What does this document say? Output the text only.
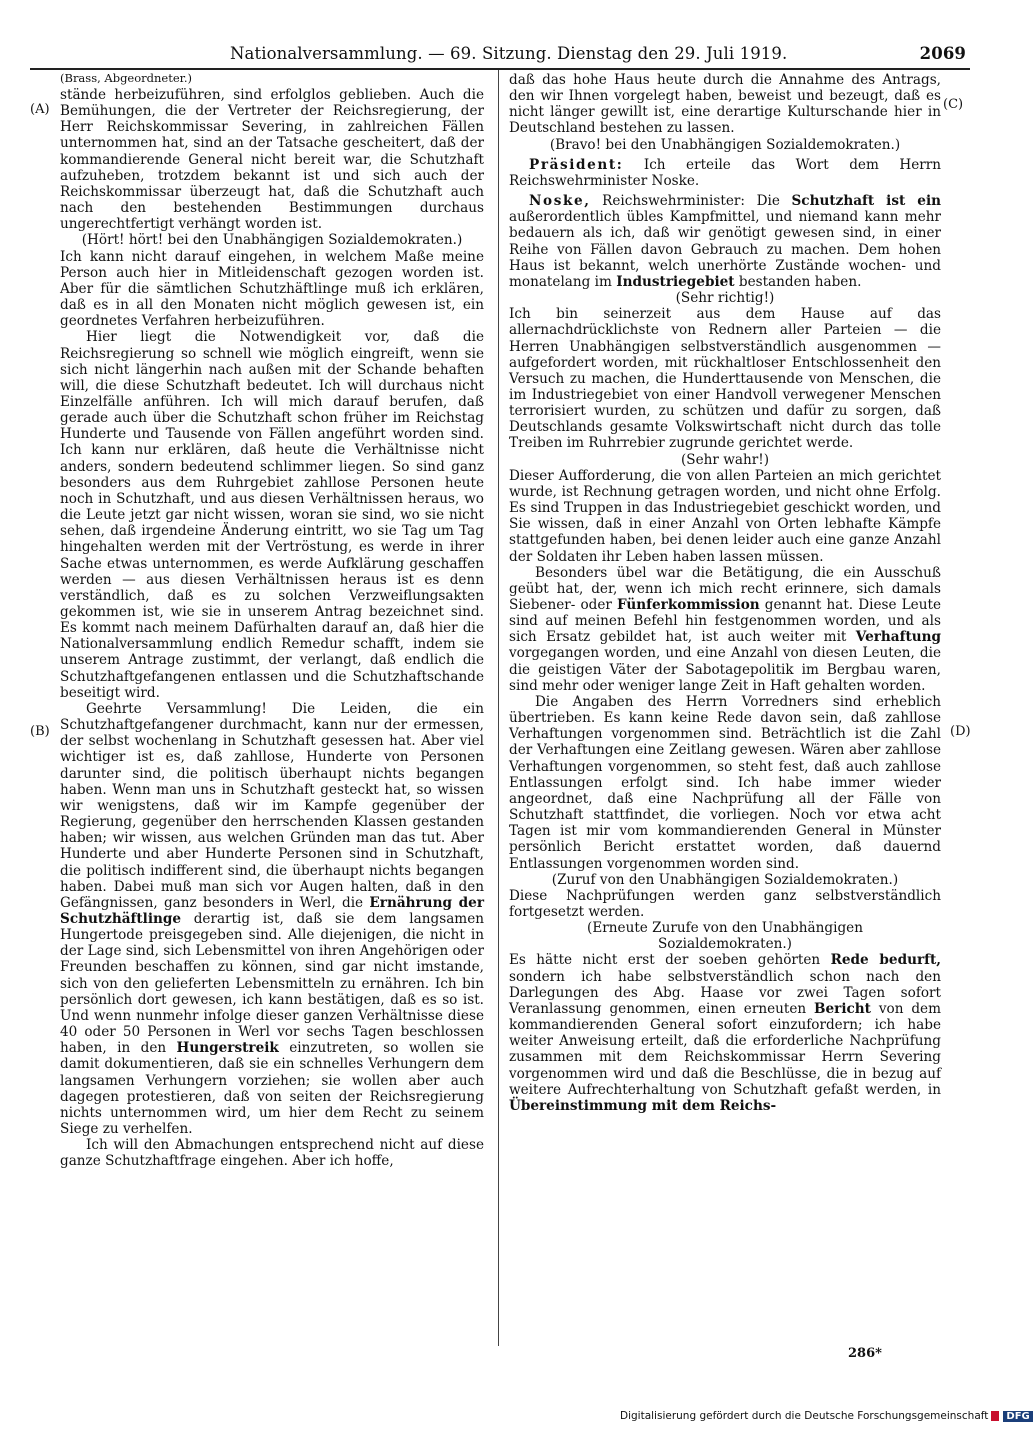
Nationalversammlung. — 69. Sitzung. Dienstag den 29. Juli 1919.	2069
(A)
(B)
(C)
(D)

(Brass, Abgeordneter.)

stände herbeizuführen, sind erfolglos geblieben. Auch die Bemühungen, die der Vertreter der Reichsregierung, der Herr Reichskommissar Severing, in zahlreichen Fällen unternommen hat, sind an der Tatsache gescheitert, daß der kommandierende General nicht bereit war, die Schutzhaft aufzuheben, trotzdem bekannt ist und sich auch der Reichskommissar überzeugt hat, daß die Schutzhaft auch nach den bestehenden Bestimmungen durchaus ungerechtfertigt verhängt worden ist.

(Hört! hört! bei den Unabhängigen Sozialdemokraten.)

Ich kann nicht darauf eingehen, in welchem Maße meine Person auch hier in Mitleidenschaft gezogen worden ist. Aber für die sämtlichen Schutzhäftlinge muß ich erklären, daß es in all den Monaten nicht möglich gewesen ist, ein geordnetes Verfahren herbeizuführen.

Hier liegt die Notwendigkeit vor, daß die Reichsregierung so schnell wie möglich eingreift, wenn sie sich nicht längerhin nach außen mit der Schande behaften will, die diese Schutzhaft bedeutet. Ich will durchaus nicht Einzelfälle anführen. Ich will mich darauf berufen, daß gerade auch über die Schutzhaft schon früher im Reichstag Hunderte und Tausende von Fällen angeführt worden sind. Ich kann nur erklären, daß heute die Verhältnisse nicht anders, sondern bedeutend schlimmer liegen. So sind ganz besonders aus dem Ruhrgebiet zahllose Personen heute noch in Schutzhaft, und aus diesen Verhältnissen heraus, wo die Leute jetzt gar nicht wissen, woran sie sind, wo sie nicht sehen, daß irgendeine Änderung eintritt, wo sie Tag um Tag hingehalten werden mit der Vertröstung, es werde in ihrer Sache etwas unternommen, es werde Aufklärung geschaffen werden — aus diesen Verhältnissen heraus ist es denn verständlich, daß es zu solchen Verzweiflungsakten gekommen ist, wie sie in unserem Antrag bezeichnet sind. Es kommt nach meinem Dafürhalten darauf an, daß hier die Nationalversammlung endlich Remedur schafft, indem sie unserem Antrage zustimmt, der verlangt, daß endlich die Schutzhaftgefangenen entlassen und die Schutzhaftschande beseitigt wird.

Geehrte Versammlung! Die Leiden, die ein Schutzhaftgefangener durchmacht, kann nur der ermessen, der selbst wochenlang in Schutzhaft gesessen hat. Aber viel wichtiger ist es, daß zahllose, Hunderte von Personen darunter sind, die politisch überhaupt nichts begangen haben. Wenn man uns in Schutzhaft gesteckt hat, so wissen wir wenigstens, daß wir im Kampfe gegenüber der Regierung, gegenüber den herrschenden Klassen gestanden haben; wir wissen, aus welchen Gründen man das tut. Aber Hunderte und aber Hunderte Personen sind in Schutzhaft, die politisch indifferent sind, die überhaupt nichts begangen haben. Dabei muß man sich vor Augen halten, daß in den Gefängnissen, ganz besonders in Werl, die Ernährung der Schutzhäftlinge derartig ist, daß sie dem langsamen Hungertode preisgegeben sind. Alle diejenigen, die nicht in der Lage sind, sich Lebensmittel von ihren Angehörigen oder Freunden beschaffen zu können, sind gar nicht imstande, sich von den gelieferten Lebensmitteln zu ernähren. Ich bin persönlich dort gewesen, ich kann bestätigen, daß es so ist. Und wenn nunmehr infolge dieser ganzen Verhältnisse diese 40 oder 50 Personen in Werl vor sechs Tagen beschlossen haben, in den Hungerstreik einzutreten, so wollen sie damit dokumentieren, daß sie ein schnelles Verhungern dem langsamen Verhungern vorziehen; sie wollen aber auch dagegen protestieren, daß von seiten der Reichsregierung nichts unternommen wird, um hier dem Recht zu seinem Siege zu verhelfen.

Ich will den Abmachungen entsprechend nicht auf diese ganze Schutzhaftfrage eingehen. Aber ich hoffe,

daß das hohe Haus heute durch die Annahme des Antrags, den wir Ihnen vorgelegt haben, beweist und bezeugt, daß es nicht länger gewillt ist, eine derartige Kulturschande hier in Deutschland bestehen zu lassen.

(Bravo! bei den Unabhängigen Sozialdemokraten.)

Präsident: Ich erteile das Wort dem Herrn Reichswehrminister Noske.

Noske, Reichswehrminister: Die Schutzhaft ist ein außerordentlich übles Kampfmittel, und niemand kann mehr bedauern als ich, daß wir genötigt gewesen sind, in einer Reihe von Fällen davon Gebrauch zu machen. Dem hohen Haus ist bekannt, welch unerhörte Zustände wochen- und monatelang im Industriegebiet bestanden haben.

(Sehr richtig!)

Ich bin seinerzeit aus dem Hause auf das allernachdrücklichste von Rednern aller Parteien — die Herren Unabhängigen selbstverständlich ausgenommen — aufgefordert worden, mit rückhaltloser Entschlossenheit den Versuch zu machen, die Hunderttausende von Menschen, die im Industriegebiet von einer Handvoll verwegener Menschen terrorisiert wurden, zu schützen und dafür zu sorgen, daß Deutschlands gesamte Volkswirtschaft nicht durch das tolle Treiben im Ruhrrebier zugrunde gerichtet werde.

(Sehr wahr!)

Dieser Aufforderung, die von allen Parteien an mich gerichtet wurde, ist Rechnung getragen worden, und nicht ohne Erfolg. Es sind Truppen in das Industriegebiet geschickt worden, und Sie wissen, daß in einer Anzahl von Orten lebhafte Kämpfe stattgefunden haben, bei denen leider auch eine ganze Anzahl der Soldaten ihr Leben haben lassen müssen.

Besonders übel war die Betätigung, die ein Ausschuß geübt hat, der, wenn ich mich recht erinnere, sich damals Siebener- oder Fünferkommission genannt hat. Diese Leute sind auf meinen Befehl hin festgenommen worden, und als sich Ersatz gebildet hat, ist auch weiter mit Verhaftung vorgegangen worden, und eine Anzahl von diesen Leuten, die die geistigen Väter der Sabotagepolitik im Bergbau waren, sind mehr oder weniger lange Zeit in Haft gehalten worden.

Die Angaben des Herrn Vorredners sind erheblich übertrieben. Es kann keine Rede davon sein, daß zahllose Verhaftungen vorgenommen sind. Beträchtlich ist die Zahl der Verhaftungen eine Zeitlang gewesen. Wären aber zahllose Verhaftungen vorgenommen, so steht fest, daß auch zahllose Entlassungen erfolgt sind. Ich habe immer wieder angeordnet, daß eine Nachprüfung all der Fälle von Schutzhaft stattfindet, die vorliegen. Noch vor etwa acht Tagen ist mir vom kommandierenden General in Münster persönlich Bericht erstattet worden, daß dauernd Entlassungen vorgenommen worden sind.

(Zuruf von den Unabhängigen Sozialdemokraten.)

Diese Nachprüfungen werden ganz selbstverständlich fortgesetzt werden.

(Erneute Zurufe von den Unabhängigen Sozialdemokraten.)

Es hätte nicht erst der soeben gehörten Rede bedurft, sondern ich habe selbstverständlich schon nach den Darlegungen des Abg. Haase vor zwei Tagen sofort Veranlassung genommen, einen erneuten Bericht von dem kommandierenden General sofort einzufordern; ich habe weiter Anweisung erteilt, daß die erforderliche Nachprüfung zusammen mit dem Reichskommissar Herrn Severing vorgenommen wird und daß die Beschlüsse, die in bezug auf weitere Aufrechterhaltung von Schutzhaft gefaßt werden, in Übereinstimmung mit dem Reichs-

286*
Digitalisierung gefördert durch die Deutsche Forschungsgemeinschaft DFG
